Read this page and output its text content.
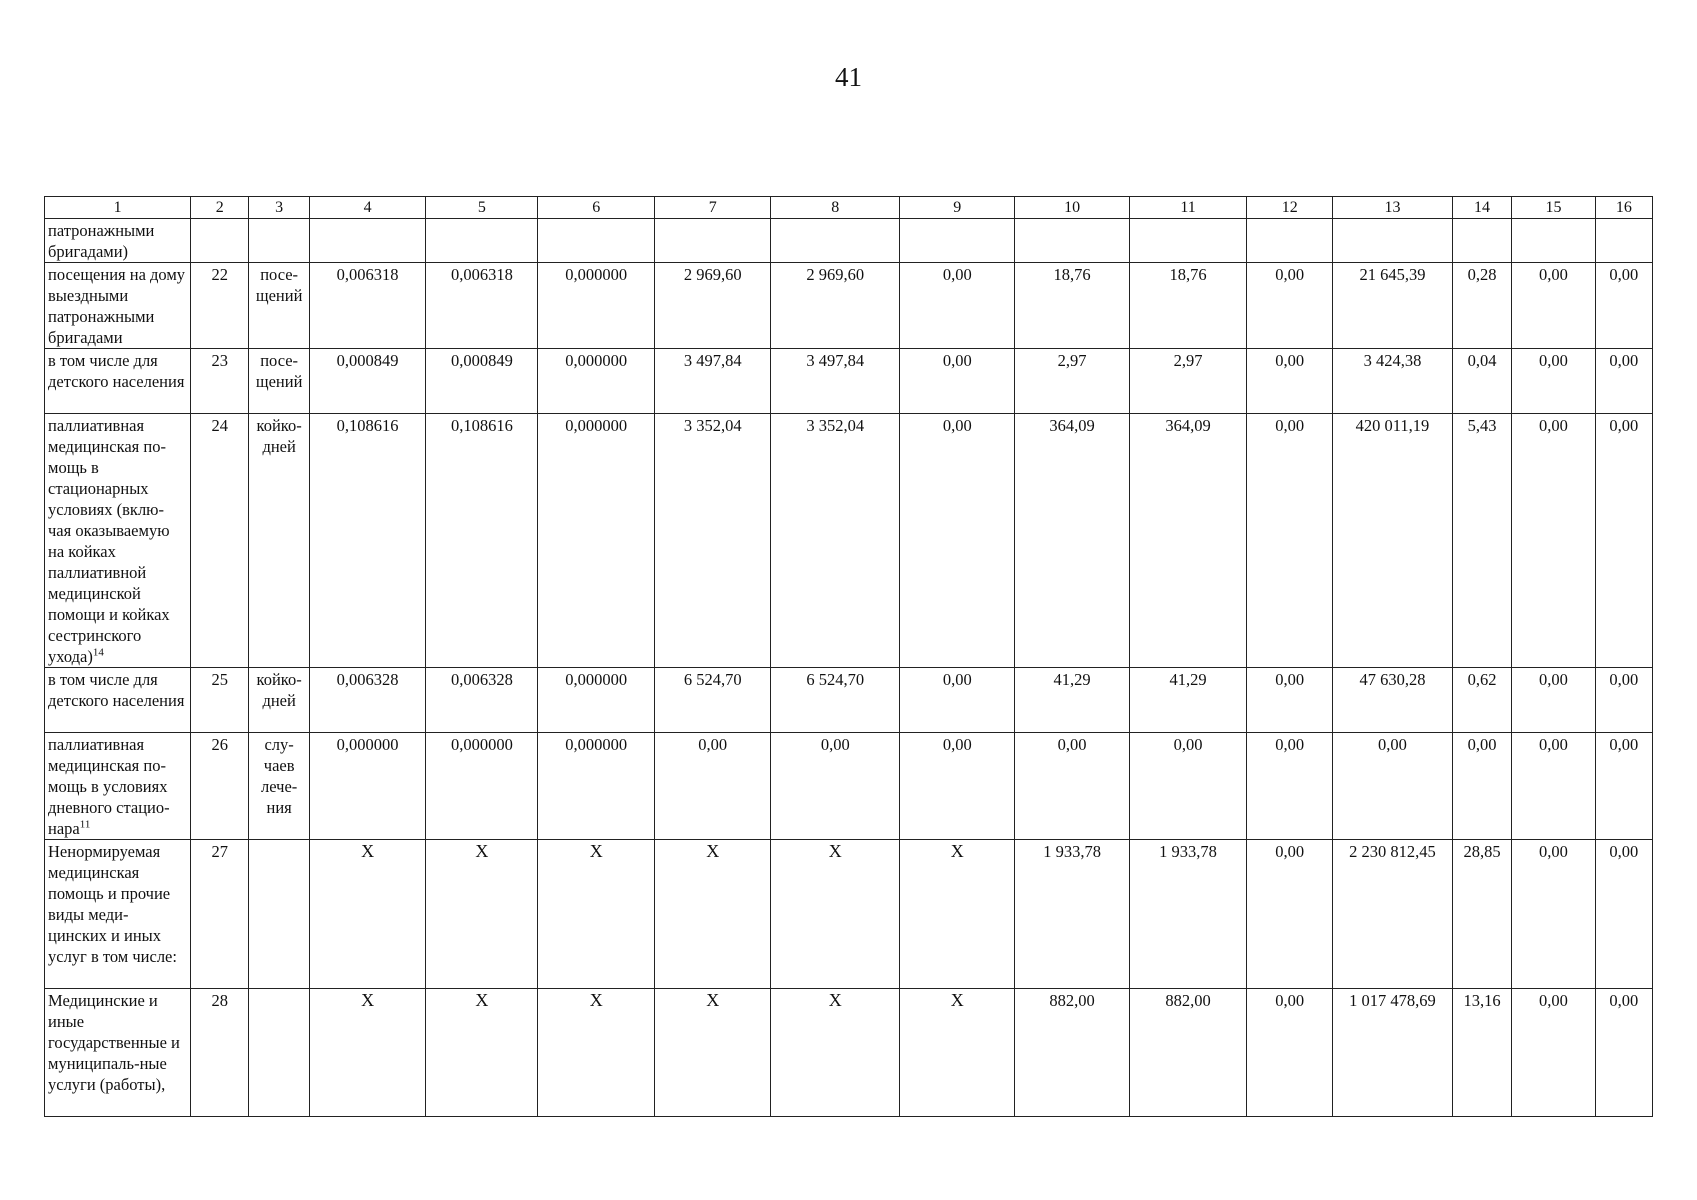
41
1	2	3	4	5	6	7	8	9	10	11	12	13	14	15	16
патронажными бригадами)															
посещения на дому выездными патронажными бригадами	22	посе-щений	0,006318	0,006318	0,000000	2 969,60	2 969,60	0,00	18,76	18,76	0,00	21 645,39	0,28	0,00	0,00
в том числе для детского населения	23	посе-щений	0,000849	0,000849	0,000000	3 497,84	3 497,84	0,00	2,97	2,97	0,00	3 424,38	0,04	0,00	0,00
паллиативная медицинская по-мощь в стационарных условиях (вклю-чая оказываемую на койках паллиативной медицинской помощи и койках сестринского ухода)$^{14}$	24	койко-дней	0,108616	0,108616	0,000000	3 352,04	3 352,04	0,00	364,09	364,09	0,00	420 011,19	5,43	0,00	0,00
в том числе для детского населения	25	койко-дней	0,006328	0,006328	0,000000	6 524,70	6 524,70	0,00	41,29	41,29	0,00	47 630,28	0,62	0,00	0,00
паллиативная медицинская по-мощь в условиях дневного стацио-нара$^{11}$	26	слу-чаев лече-ния	0,000000	0,000000	0,000000	0,00	0,00	0,00	0,00	0,00	0,00	0,00	0,00	0,00	0,00
Ненормируемая медицинская помощь и прочие виды меди-цинских и иных услуг в том числе:	27		X	X	X	X	X	X	1 933,78	1 933,78	0,00	2 230 812,45	28,85	0,00	0,00
Медицинские и иные государственные и муниципаль-ные услуги (работы),	28		X	X	X	X	X	X	882,00	882,00	0,00	1 017 478,69	13,16	0,00	0,00
